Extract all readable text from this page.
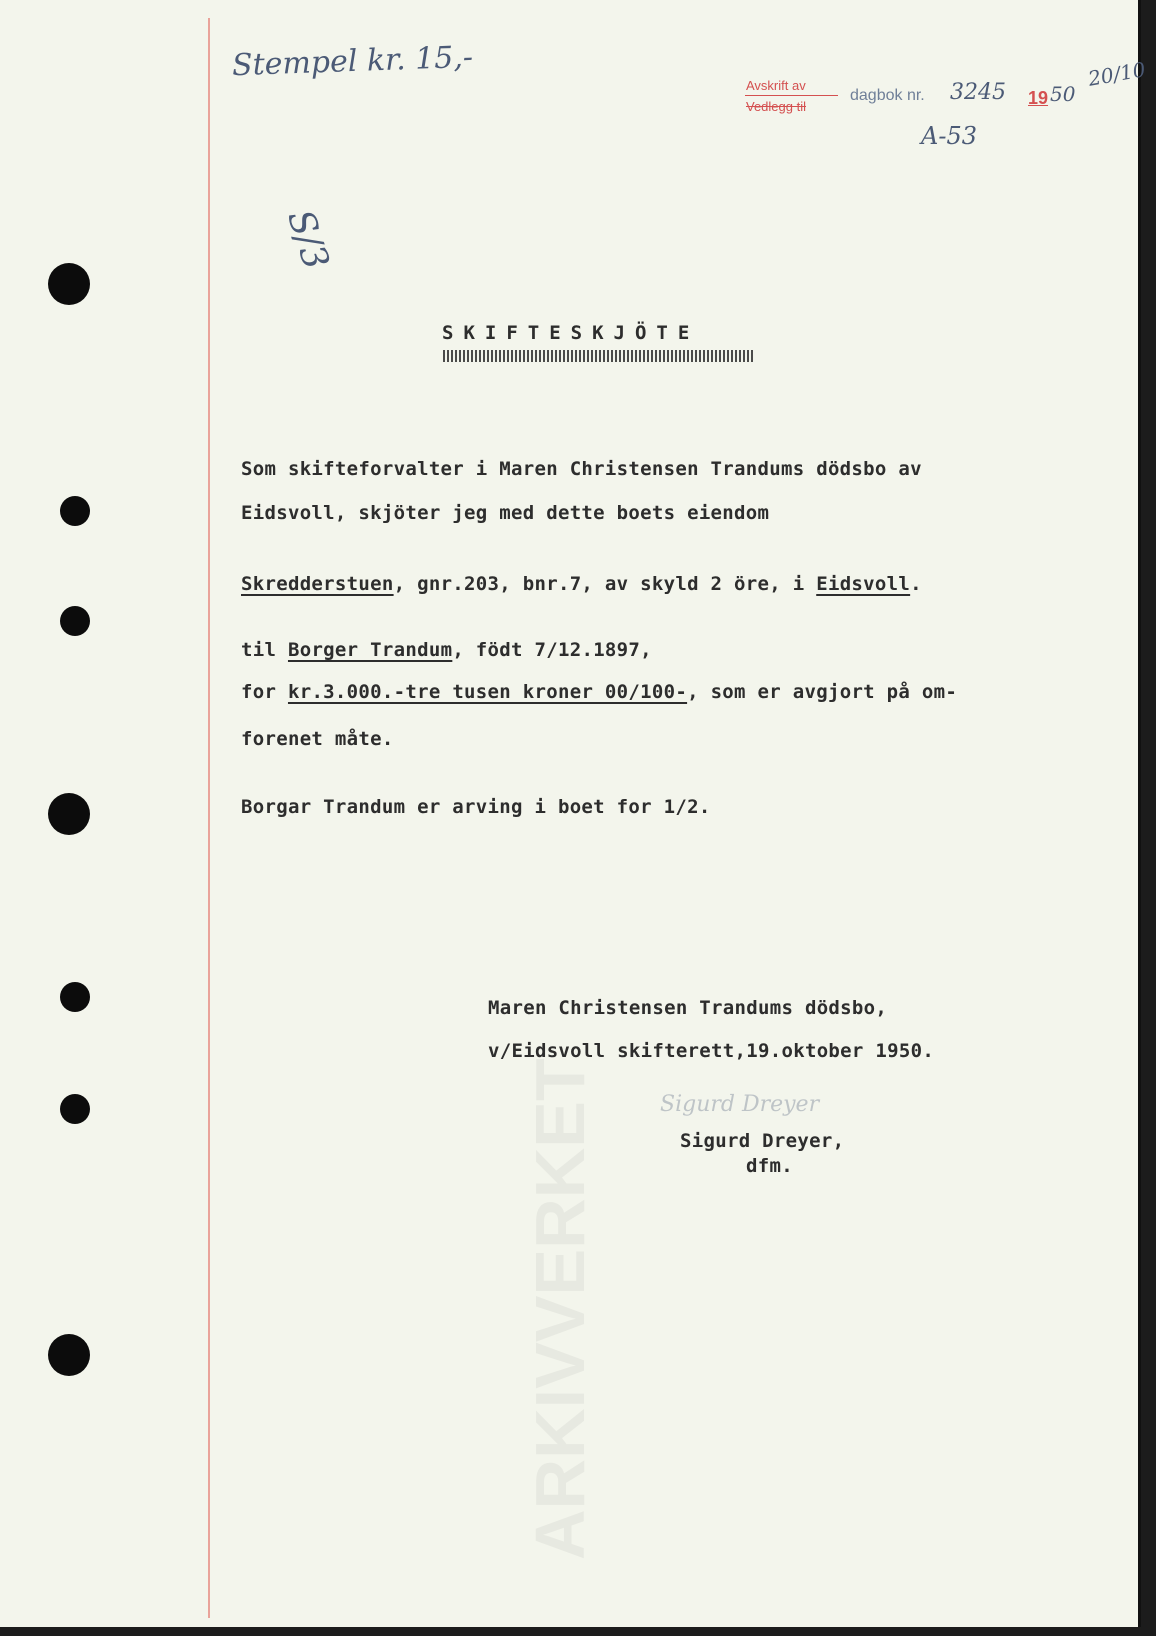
ARKIVVERKET
Stempel kr. 15,-
A-53
S/3
Avskrift av
Vedlegg til
dagbok nr. 3245 19 50
20/10
SKIFTESKJÖTE
Som skifteforvalter i Maren Christensen Trandums dödsbo av
Eidsvoll, skjöter jeg med dette boets eiendom
Skredderstuen, gnr.203, bnr.7, av skyld 2 öre, i Eidsvoll.
til Borger Trandum, födt 7/12.1897,
for kr.3.000.-tre tusen kroner 00/100-, som er avgjort på om-
forenet måte.
Borgar Trandum er arving i boet for 1/2.
Maren Christensen Trandums dödsbo,
v/Eidsvoll skifterett,19.oktober 1950.
Sigurd Dreyer
Sigurd Dreyer,
dfm.
